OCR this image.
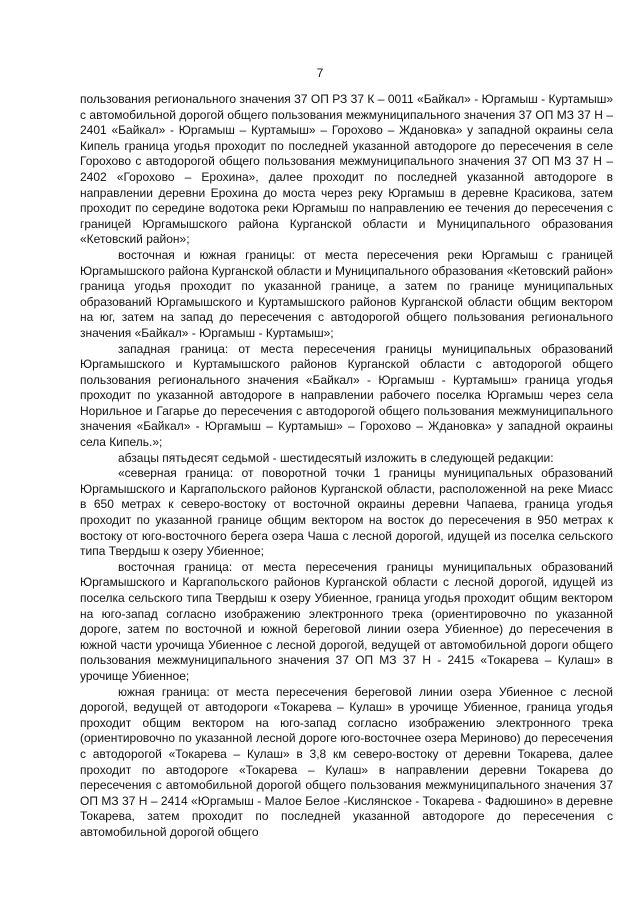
7

пользования регионального значения 37 ОП РЗ 37 К – 0011 «Байкал» - Юргамыш - Куртамыш» с автомобильной дорогой общего пользования межмуниципального значения 37 ОП МЗ 37 Н – 2401 «Байкал» - Юргамыш – Куртамыш» – Горохово – Ждановка» у западной окраины села Кипель граница угодья проходит по последней указанной автодороге до пересечения в селе Горохово с автодорогой общего пользования межмуниципального значения 37 ОП МЗ 37 Н – 2402 «Горохово – Ерохина», далее проходит по последней указанной автодороге в направлении деревни Ерохина до моста через реку Юргамыш в деревне Красикова, затем проходит по середине водотока реки Юргамыш по направлению ее течения до пересечения с границей Юргамышского района Курганской области и Муниципального образования «Кетовский район»;

восточная и южная границы: от места пересечения реки Юргамыш с границей Юргамышского района Курганской области и Муниципального образования «Кетовский район» граница угодья проходит по указанной границе, а затем по границе муниципальных образований Юргамышского и Куртамышского районов Курганской области общим вектором на юг, затем на запад до пересечения с автодорогой общего пользования регионального значения «Байкал» - Юргамыш - Куртамыш»;

западная граница: от места пересечения границы муниципальных образований Юргамышского и Куртамышского районов Курганской области с автодорогой общего пользования регионального значения «Байкал» - Юргамыш - Куртамыш» граница угодья проходит по указанной автодороге в направлении рабочего поселка Юргамыш через села Норильное и Гагарье до пересечения с автодорогой общего пользования межмуниципального значения «Байкал» - Юргамыш – Куртамыш» – Горохово – Ждановка» у западной окраины села Кипель.»;

абзацы пятьдесят седьмой - шестидесятый изложить в следующей редакции:

«северная граница: от поворотной точки 1 границы муниципальных образований Юргамышского и Каргапольского районов Курганской области, расположенной на реке Миасс в 650 метрах к северо-востоку от восточной окраины деревни Чапаева, граница угодья проходит по указанной границе общим вектором на восток до пересечения в 950 метрах к востоку от юго-восточного берега озера Чаша с лесной дорогой, идущей из поселка сельского типа Твердыш к озеру Убиенное;

восточная граница: от места пересечения границы муниципальных образований Юргамышского и Каргапольского районов Курганской области с лесной дорогой, идущей из поселка сельского типа Твердыш к озеру Убиенное, граница угодья проходит общим вектором на юго-запад согласно изображению электронного трека (ориентировочно по указанной дороге, затем по восточной и южной береговой линии озера Убиенное) до пересечения в южной части урочища Убиенное с лесной дорогой, ведущей от автомобильной дороги общего пользования межмуниципального значения 37 ОП МЗ 37 Н - 2415 «Токарева – Кулаш» в урочище Убиенное;

южная граница: от места пересечения береговой линии озера Убиенное с лесной дорогой, ведущей от автодороги «Токарева – Кулаш» в урочище Убиенное, граница угодья проходит общим вектором на юго-запад согласно изображению электронного трека (ориентировочно по указанной лесной дороге юго-восточнее озера Мериново) до пересечения с автодорогой «Токарева – Кулаш» в 3,8 км северо-востоку от деревни Токарева, далее проходит по автодороге «Токарева – Кулаш» в направлении деревни Токарева до пересечения с автомобильной дорогой общего пользования межмуниципального значения 37 ОП МЗ 37 Н – 2414 «Юргамыш - Малое Белое -Кислянское - Токарева - Фадюшино» в деревне Токарева, затем проходит по последней указанной автодороге до пересечения с автомобильной дорогой общего
